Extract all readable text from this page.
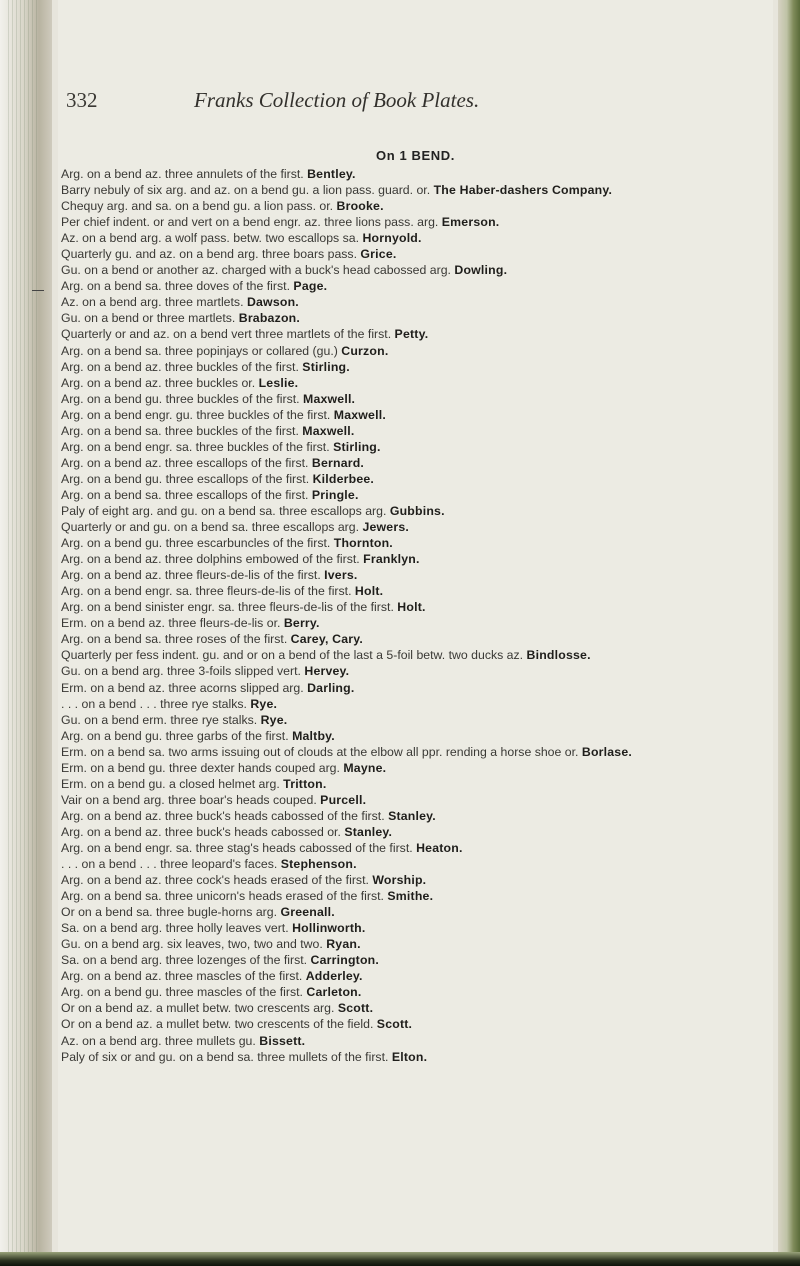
332	Franks Collection of Book Plates.
On 1 BEND.

Arg. on a bend az. three annulets of the first. Bentley.

Barry nebuly of six arg. and az. on a bend gu. a lion pass. guard. or. The Haber-dashers Company.

Chequy arg. and sa. on a bend gu. a lion pass. or. Brooke.

Per chief indent. or and vert on a bend engr. az. three lions pass. arg. Emerson.

Az. on a bend arg. a wolf pass. betw. two escallops sa. Hornyold.

Quarterly gu. and az. on a bend arg. three boars pass. Grice.

Gu. on a bend or another az. charged with a buck's head cabossed arg. Dowling.

Arg. on a bend sa. three doves of the first. Page.

Az. on a bend arg. three martlets. Dawson.

Gu. on a bend or three martlets. Brabazon.

Quarterly or and az. on a bend vert three martlets of the first. Petty.

Arg. on a bend sa. three popinjays or collared (gu.) Curzon.

Arg. on a bend az. three buckles of the first. Stirling.

Arg. on a bend az. three buckles or. Leslie.

Arg. on a bend gu. three buckles of the first. Maxwell.

Arg. on a bend engr. gu. three buckles of the first. Maxwell.

Arg. on a bend sa. three buckles of the first. Maxwell.

Arg. on a bend engr. sa. three buckles of the first. Stirling.

Arg. on a bend az. three escallops of the first. Bernard.

Arg. on a bend gu. three escallops of the first. Kilderbee.

Arg. on a bend sa. three escallops of the first. Pringle.

Paly of eight arg. and gu. on a bend sa. three escallops arg. Gubbins.

Quarterly or and gu. on a bend sa. three escallops arg. Jewers.

Arg. on a bend gu. three escarbuncles of the first. Thornton.

Arg. on a bend az. three dolphins embowed of the first. Franklyn.

Arg. on a bend az. three fleurs-de-lis of the first. Ivers.

Arg. on a bend engr. sa. three fleurs-de-lis of the first. Holt.

Arg. on a bend sinister engr. sa. three fleurs-de-lis of the first. Holt.

Erm. on a bend az. three fleurs-de-lis or. Berry.

Arg. on a bend sa. three roses of the first. Carey, Cary.

Quarterly per fess indent. gu. and or on a bend of the last a 5-foil betw. two ducks az. Bindlosse.

Gu. on a bend arg. three 3-foils slipped vert. Hervey.

Erm. on a bend az. three acorns slipped arg. Darling.

. . . on a bend . . . three rye stalks. Rye.

Gu. on a bend erm. three rye stalks. Rye.

Arg. on a bend gu. three garbs of the first. Maltby.

Erm. on a bend sa. two arms issuing out of clouds at the elbow all ppr. rending a horse shoe or. Borlase.

Erm. on a bend gu. three dexter hands couped arg. Mayne.

Erm. on a bend gu. a closed helmet arg. Tritton.

Vair on a bend arg. three boar's heads couped. Purcell.

Arg. on a bend az. three buck's heads cabossed of the first. Stanley.

Arg. on a bend az. three buck's heads cabossed or. Stanley.

Arg. on a bend engr. sa. three stag's heads cabossed of the first. Heaton.

. . . on a bend . . . three leopard's faces. Stephenson.

Arg. on a bend az. three cock's heads erased of the first. Worship.

Arg. on a bend sa. three unicorn's heads erased of the first. Smithe.

Or on a bend sa. three bugle-horns arg. Greenall.

Sa. on a bend arg. three holly leaves vert. Hollinworth.

Gu. on a bend arg. six leaves, two, two and two. Ryan.

Sa. on a bend arg. three lozenges of the first. Carrington.

Arg. on a bend az. three mascles of the first. Adderley.

Arg. on a bend gu. three mascles of the first. Carleton.

Or on a bend az. a mullet betw. two crescents arg. Scott.

Or on a bend az. a mullet betw. two crescents of the field. Scott.

Az. on a bend arg. three mullets gu. Bissett.

Paly of six or and gu. on a bend sa. three mullets of the first. Elton.
